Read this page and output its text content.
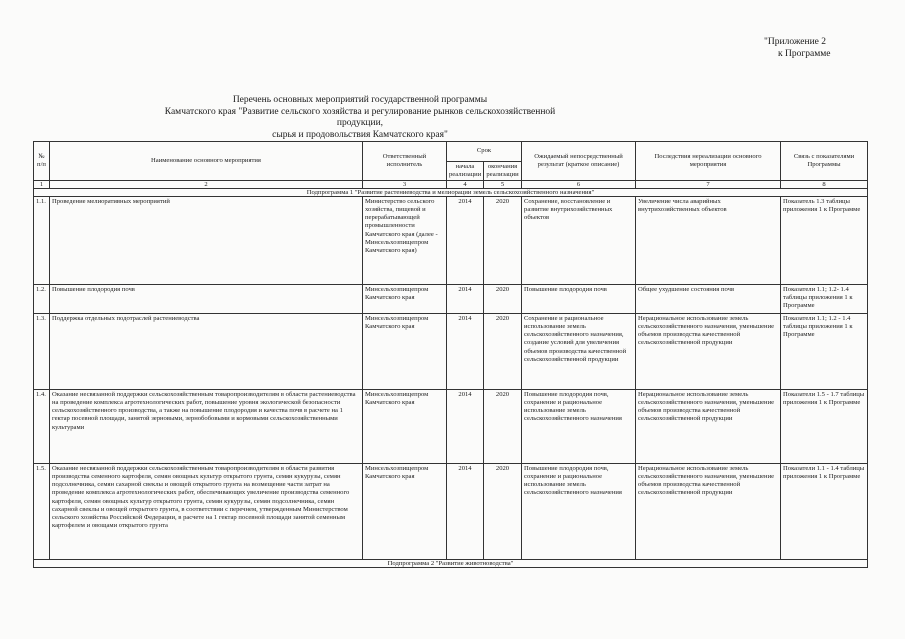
"Приложение 2
к Программе
Перечень основных мероприятий государственной программы
Камчатского края "Развитие сельского хозяйства и регулирование рынков сельскохозяйственной продукции,
сырья и продовольствия Камчатского края"
№ п/п	Наименование основного мероприятия	Ответственный исполнитель	Срок		Ожидаемый непосредственный результат (краткое описание)	Последствия нереализации основного мероприятия	Связь с показателями Программы
			начала реализации	окончания реализации			
1	2	3	4	5	6	7	8
Подпрограмма 1 "Развитие растениеводства и мелиорации земель сельскохозяйственного назначения"							
1.1.	Проведение мелиоративных мероприятий	Министерство сельского хозяйства, пищевой и перерабатывающей промышленности Камчатского края (далее - Минсельхозпищепром Камчатского края)	2014	2020	Сохранение, восстановление и развитие внутрихозяйственных объектов	Увеличение числа аварийных внутрихозяйственных объектов	Показатель 1.3 таблицы приложения 1 к Программе
1.2.	Повышение плодородия почв	Минсельхозпищепром Камчатского края	2014	2020	Повышение плодородия почв	Общее ухудшение состояния почв	Показатели 1.1; 1.2- 1.4 таблицы приложения 1 к Программе
1.3.	Поддержка отдельных подотраслей растениеводства	Минсельхозпищепром Камчатского края	2014	2020	Сохранение и рациональное использование земель сельскохозяйственного назначения, создание условий для увеличения объемов производства качественной сельскохозяйственной продукции	Нерациональное использование земель сельскохозяйственного назначения, уменьшение объемов производства качественной сельскохозяйственной продукции	Показатели 1.1; 1.2 - 1.4 таблицы приложения 1 к Программе
1.4.	Оказание несвязанной поддержки сельскохозяйственным товаропроизводителям в области растениеводства на проведение комплекса агротехнологических работ, повышение уровня экологической безопасности сельскохозяйственного производства, а также на повышение плодородия и качества почв в расчете на 1 гектар посевной площади, занятой зерновыми, зернобобовыми и кормовыми сельскохозяйственными культурами	Минсельхозпищепром Камчатского края	2014	2020	Повышение плодородия почв, сохранение и рациональное использование земель сельскохозяйственного назначения	Нерациональное использование земель сельскохозяйственного назначения, уменьшение объемов производства качественной сельскохозяйственной продукции	Показатели 1.5 - 1.7 таблицы приложения 1 к Программе
1.5.	Оказание несвязанной поддержки сельскохозяйственным товаропроизводителям в области развития производства семенного картофеля, семян овощных культур открытого грунта, семян кукурузы, семян подсолнечника, семян сахарной свеклы и овощей открытого грунта на возмещение части затрат на проведение комплекса агротехнологических работ, обеспечивающих увеличение производства семенного картофеля, семян овощных культур открытого грунта, семян кукурузы, семян подсолнечника, семян сахарной свеклы и овощей открытого грунта, в соответствии с перечнем, утвержденным Министерством сельского хозяйства Российской Федерации, в расчете на 1 гектар посевной площади занятой семенным картофелем и овощами открытого грунта	Минсельхозпищепром Камчатского края	2014	2020	Повышение плодородия почв, сохранение и рациональное использование земель сельскохозяйственного назначения	Нерациональное использование земель сельскохозяйственного назначения, уменьшение объемов производства качественной сельскохозяйственной продукции	Показатели 1.1 - 1.4 таблицы приложения 1 к Программе
Подпрограмма 2 "Развитие животноводства"							
